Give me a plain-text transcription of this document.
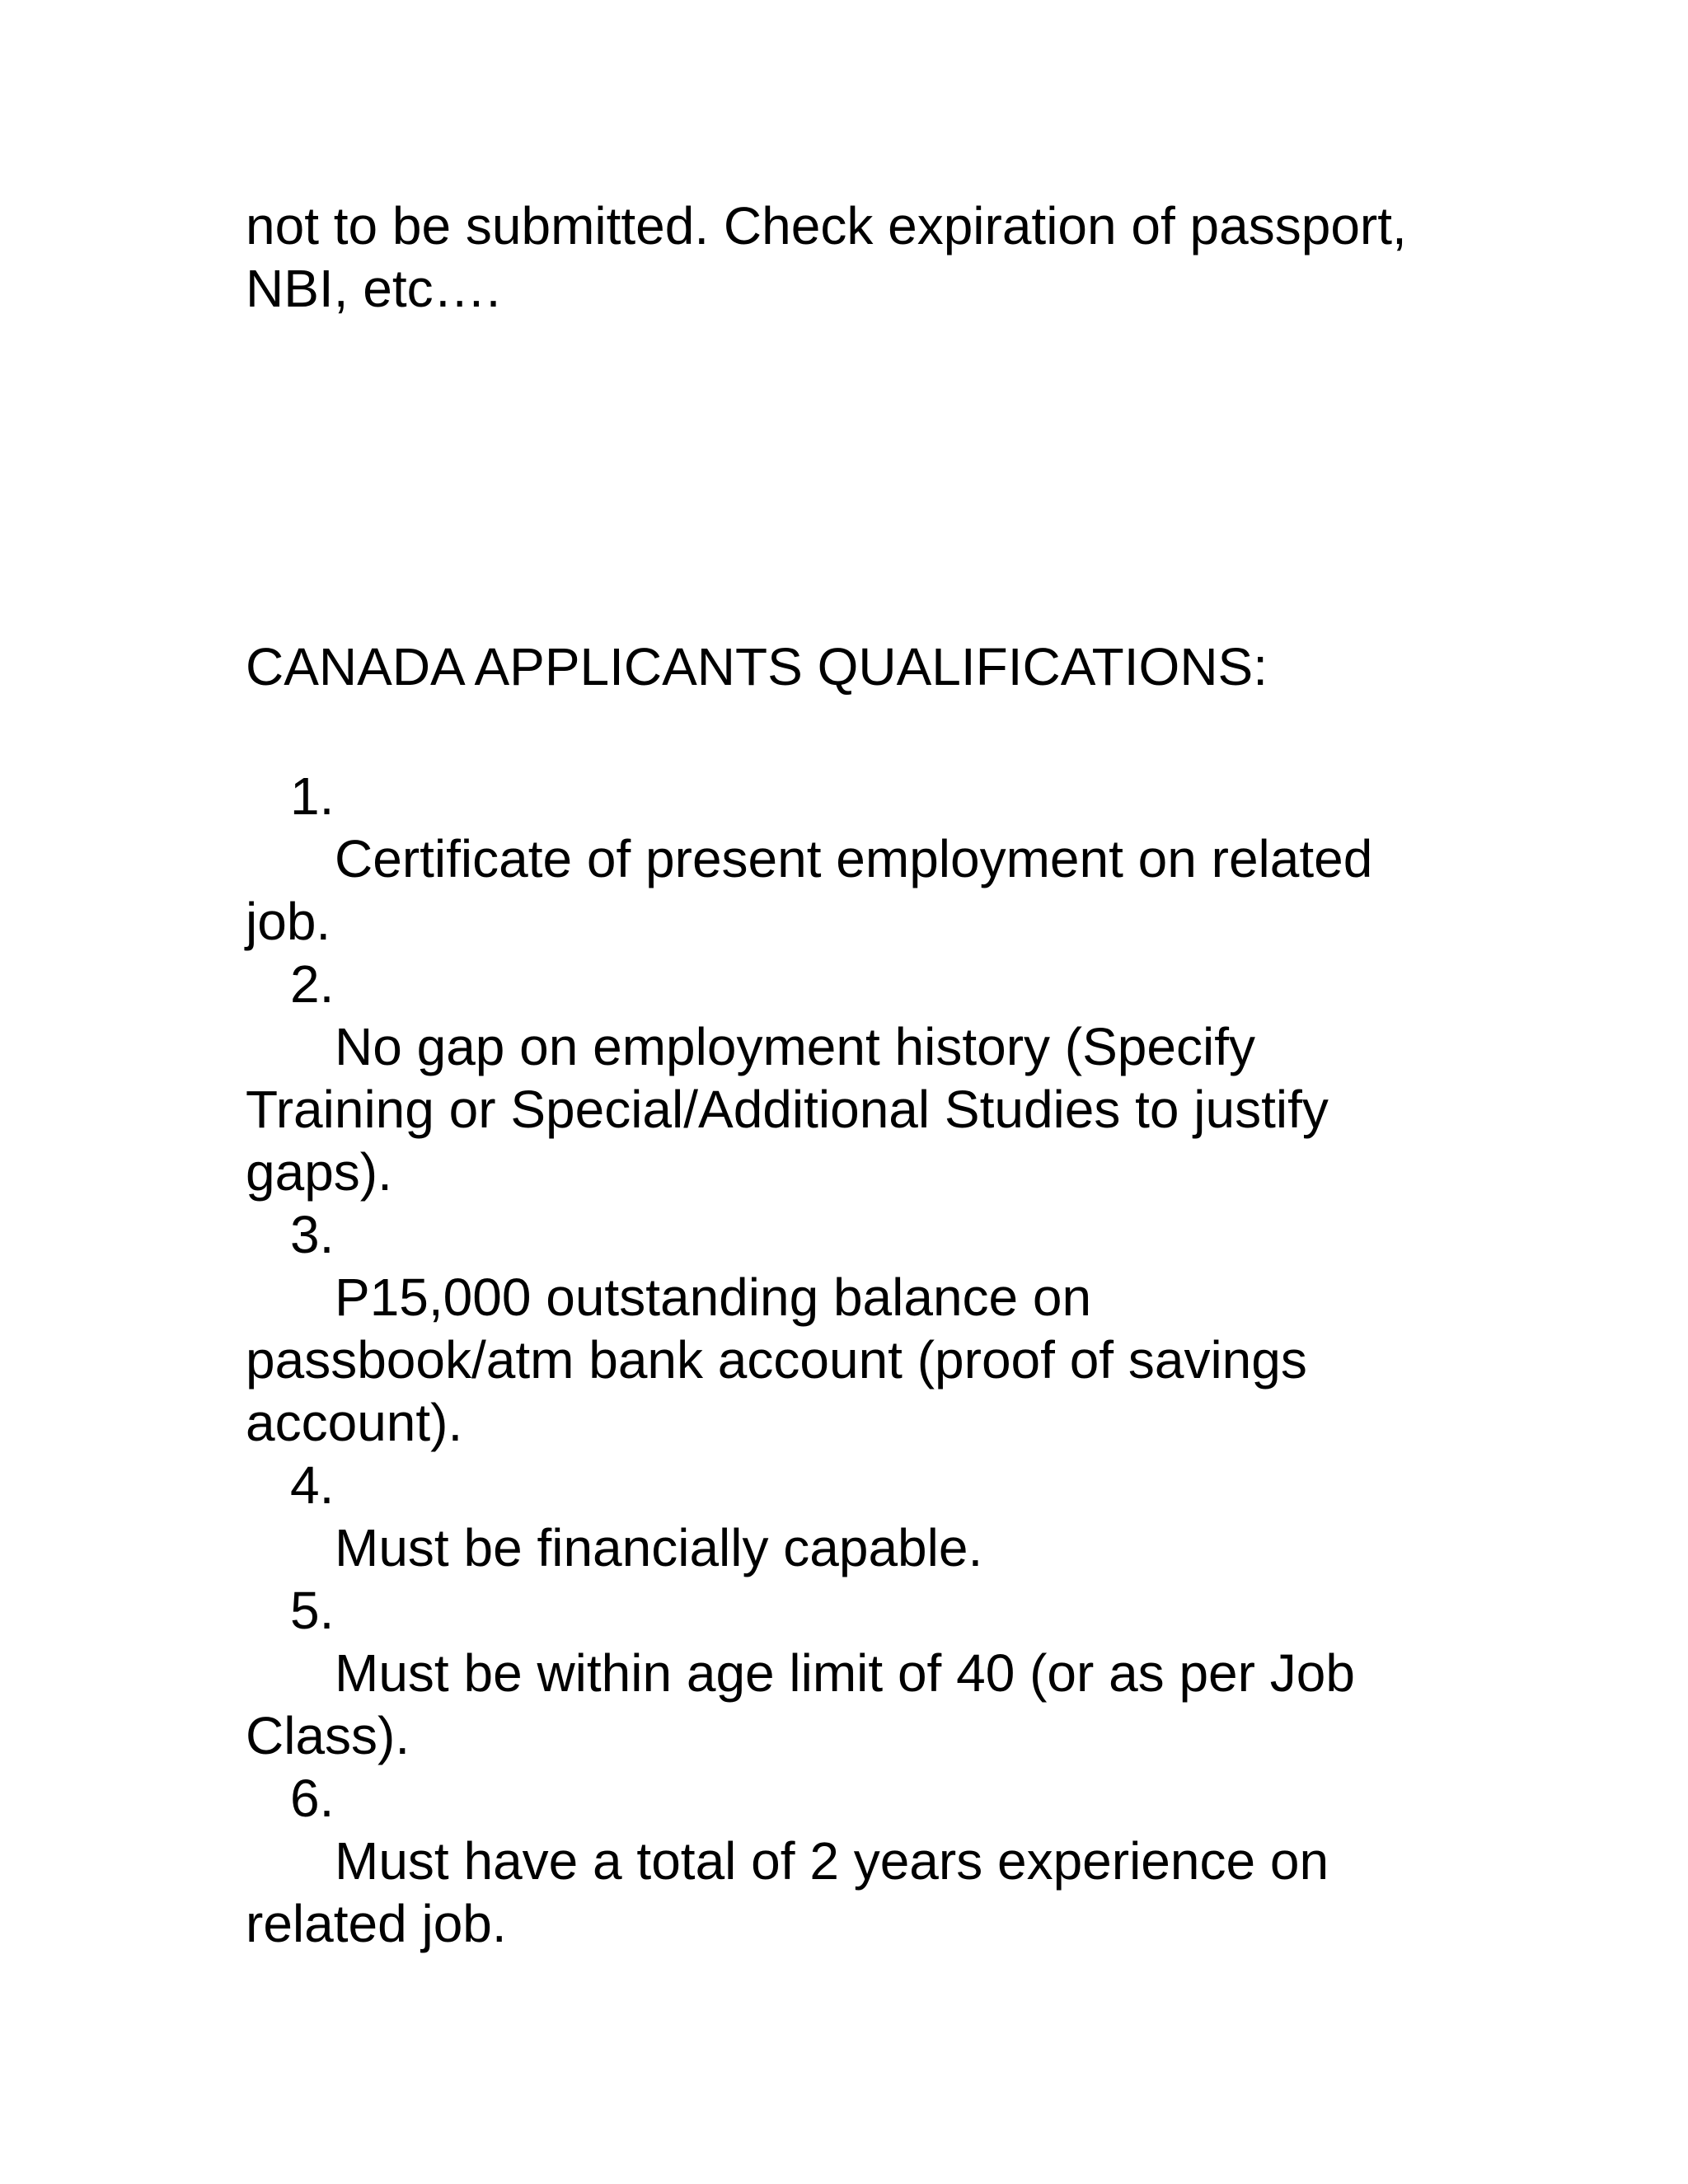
not to be submitted. Check expiration of passport, NBI, etc….

CANADA APPLICANTS QUALIFICATIONS:

1.
Certificate of present employment on related job.
2.
No gap on employment history (Specify Training or Special/Additional Studies to justify gaps).
3.
P15,000 outstanding balance on passbook/atm bank account (proof of savings account).
4.
Must be financially capable.
5.
Must be within age limit of 40 (or as per Job Class).
6.
Must have a total of 2 years experience on related job.
